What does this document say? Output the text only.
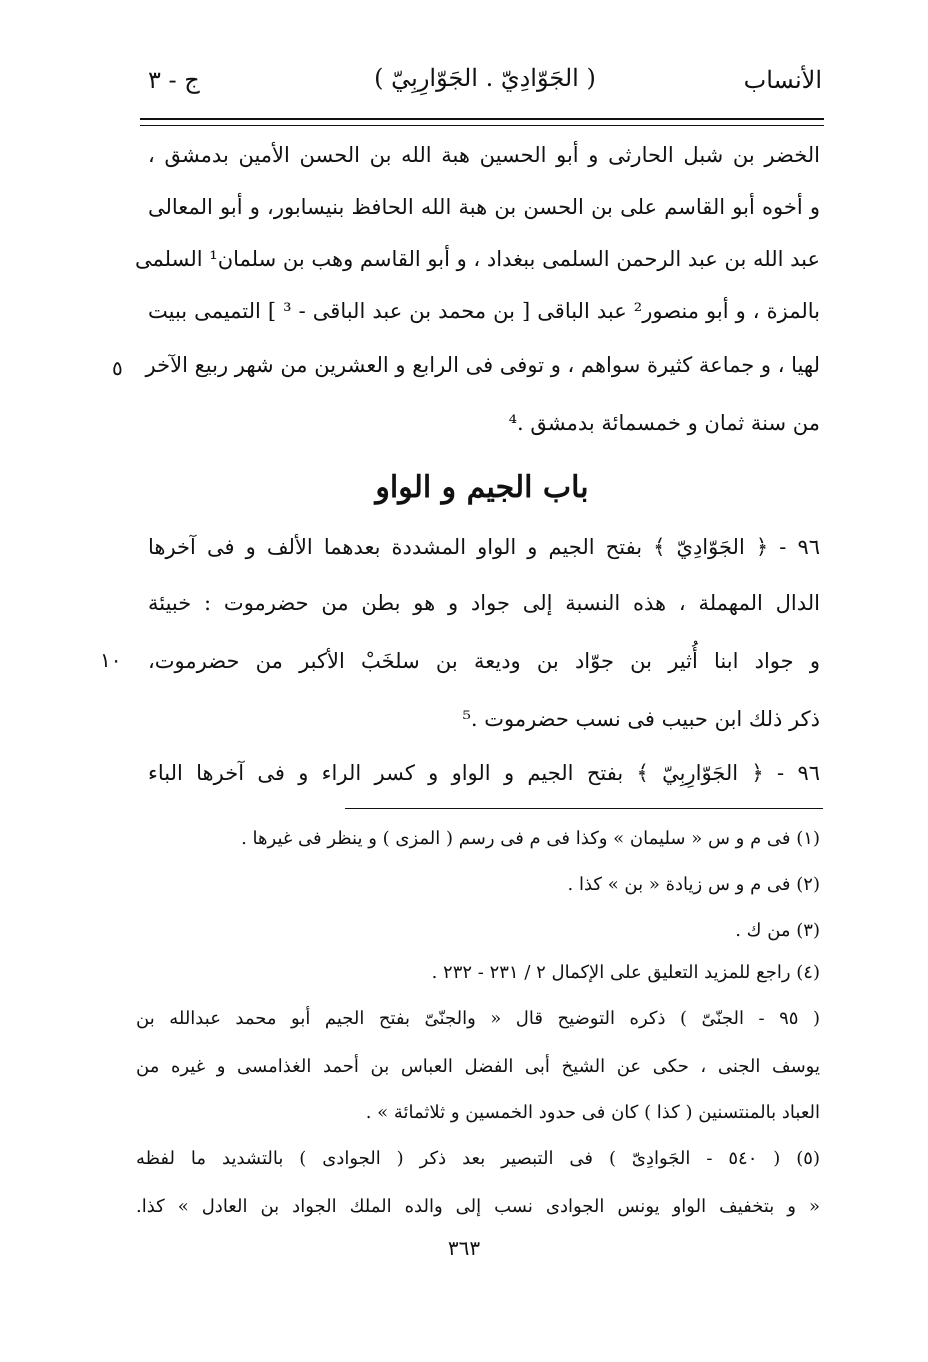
ج - ٣	( الجَوّادِيّ . الجَوّارِبِيّ )	الأنساب
الخضر بن شبل الحارثى و أبو الحسين هبة الله بن الحسن الأمين بدمشق ،
و أخوه أبو القاسم على بن الحسن بن هبة الله الحافظ بنيسابور، و أبو المعالى
عبد الله بن عبد الرحمن السلمى ببغداد ، و أبو القاسم وهب بن سلمان¹ السلمى
بالمزة ، و أبو منصور² عبد الباقى [ بن محمد بن عبد الباقى - ³ ] التميمى ببيت
لهيا ، و جماعة كثيرة سواهم ، و توفى فى الرابع و العشرين من شهر ربيع الآخر
من سنة ثمان و خمسمائة بدمشق .⁴
٥
١٠
باب الجيم و الواو
٩٦ - ﴿ الجَوّادِيّ ﴾ بفتح الجيم و الواو المشددة بعدهما الألف و فى آخرها
الدال المهملة ، هذه النسبة إلى جواد و هو بطن من حضرموت : خبيئة
و جواد ابنا أُثير بن جوّاد بن وديعة بن سلخَبْ الأكبر من حضرموت،
ذكر ذلك ابن حبيب فى نسب حضرموت .⁵
٩٦ - ﴿ الجَوّارِبِيّ ﴾ بفتح الجيم و الواو و كسر الراء و فى آخرها الباء
(١) فى م و س « سليمان » وكذا فى م فى رسم ( المزى ) و ينظر فى غيرها .
(٢) فى م و س زيادة « بن » كذا .
(٣) من ك .
(٤) راجع للمزيد التعليق على الإكمال ٢ / ٢٣١ - ٢٣٢ .
( ٩٥ - الجنّىّ ) ذكره التوضيح قال « والجنّىّ بفتح الجيم أبو محمد عبدالله بن
يوسف الجنى ، حكى عن الشيخ أبى الفضل العباس بن أحمد الغذامسى و غيره من
العباد بالمنتسنين ( كذا ) كان فى حدود الخمسين و ثلاثمائة » .
(٥) ( ٥٤٠ - الجَوادِىّ ) فى التبصير بعد ذكر ( الجوادى ) بالتشديد ما لفظه
« و بتخفيف الواو يونس الجوادى نسب إلى والده الملك الجواد بن العادل » كذا.
٣٦٣
